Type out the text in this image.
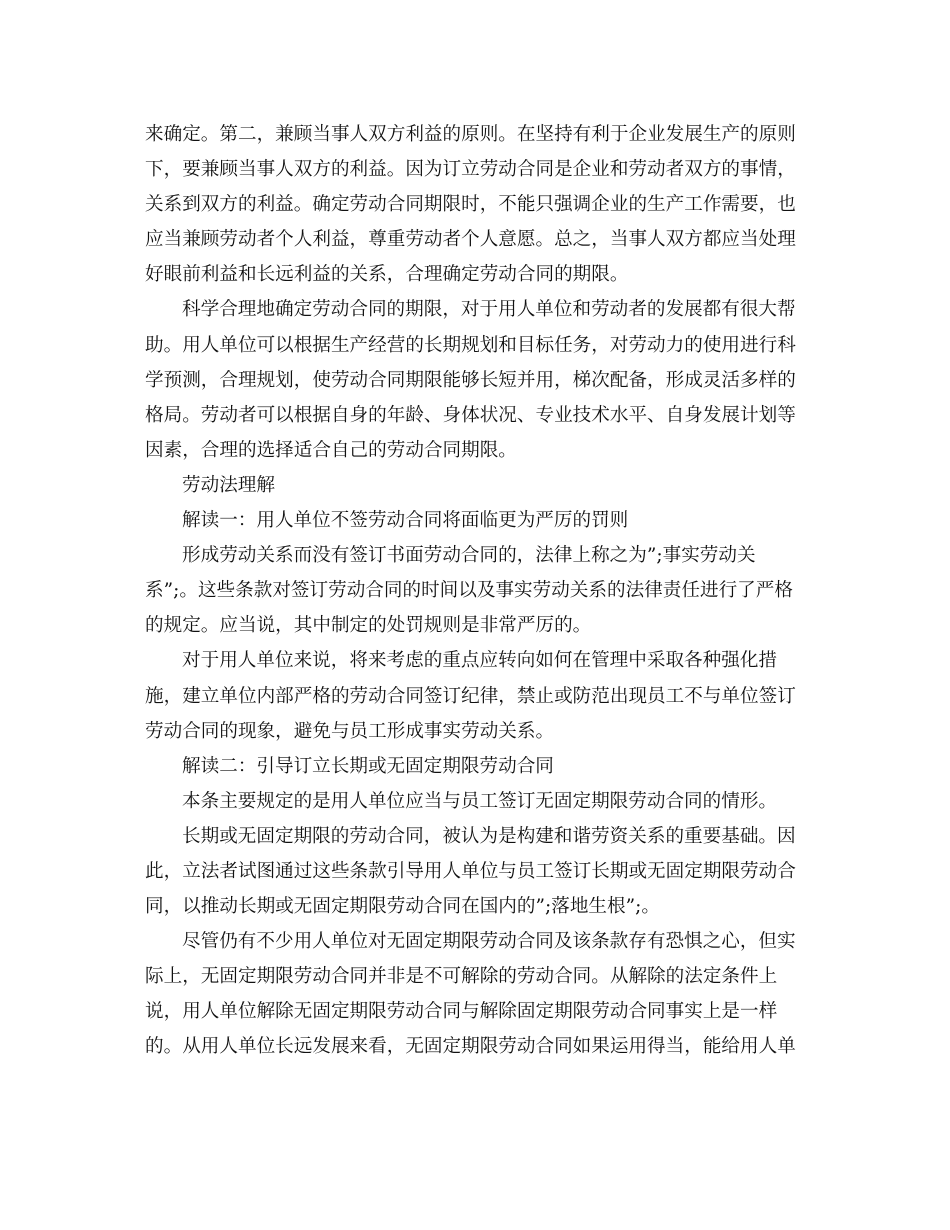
来确定。第二，兼顾当事人双方利益的原则。在坚持有利于企业发展生产的原则
下，要兼顾当事人双方的利益。因为订立劳动合同是企业和劳动者双方的事情，
关系到双方的利益。确定劳动合同期限时，不能只强调企业的生产工作需要，也
应当兼顾劳动者个人利益，尊重劳动者个人意愿。总之，当事人双方都应当处理
好眼前利益和长远利益的关系，合理确定劳动合同的期限。
科学合理地确定劳动合同的期限，对于用人单位和劳动者的发展都有很大帮
助。用人单位可以根据生产经营的长期规划和目标任务，对劳动力的使用进行科
学预测，合理规划，使劳动合同期限能够长短并用，梯次配备，形成灵活多样的
格局。劳动者可以根据自身的年龄、身体状况、专业技术水平、自身发展计划等
因素，合理的选择适合自己的劳动合同期限。
劳动法理解
解读一：用人单位不签劳动合同将面临更为严厉的罚则
形成劳动关系而没有签订书面劳动合同的，法律上称之为”;事实劳动关
系”;。这些条款对签订劳动合同的时间以及事实劳动关系的法律责任进行了严格
的规定。应当说，其中制定的处罚规则是非常严厉的。
对于用人单位来说，将来考虑的重点应转向如何在管理中采取各种强化措
施，建立单位内部严格的劳动合同签订纪律，禁止或防范出现员工不与单位签订
劳动合同的现象，避免与员工形成事实劳动关系。
解读二：引导订立长期或无固定期限劳动合同
本条主要规定的是用人单位应当与员工签订无固定期限劳动合同的情形。
长期或无固定期限的劳动合同，被认为是构建和谐劳资关系的重要基础。因
此，立法者试图通过这些条款引导用人单位与员工签订长期或无固定期限劳动合
同，以推动长期或无固定期限劳动合同在国内的”;落地生根”;。
尽管仍有不少用人单位对无固定期限劳动合同及该条款存有恐惧之心，但实
际上，无固定期限劳动合同并非是不可解除的劳动合同。从解除的法定条件上
说，用人单位解除无固定期限劳动合同与解除固定期限劳动合同事实上是一样
的。从用人单位长远发展来看，无固定期限劳动合同如果运用得当，能给用人单
